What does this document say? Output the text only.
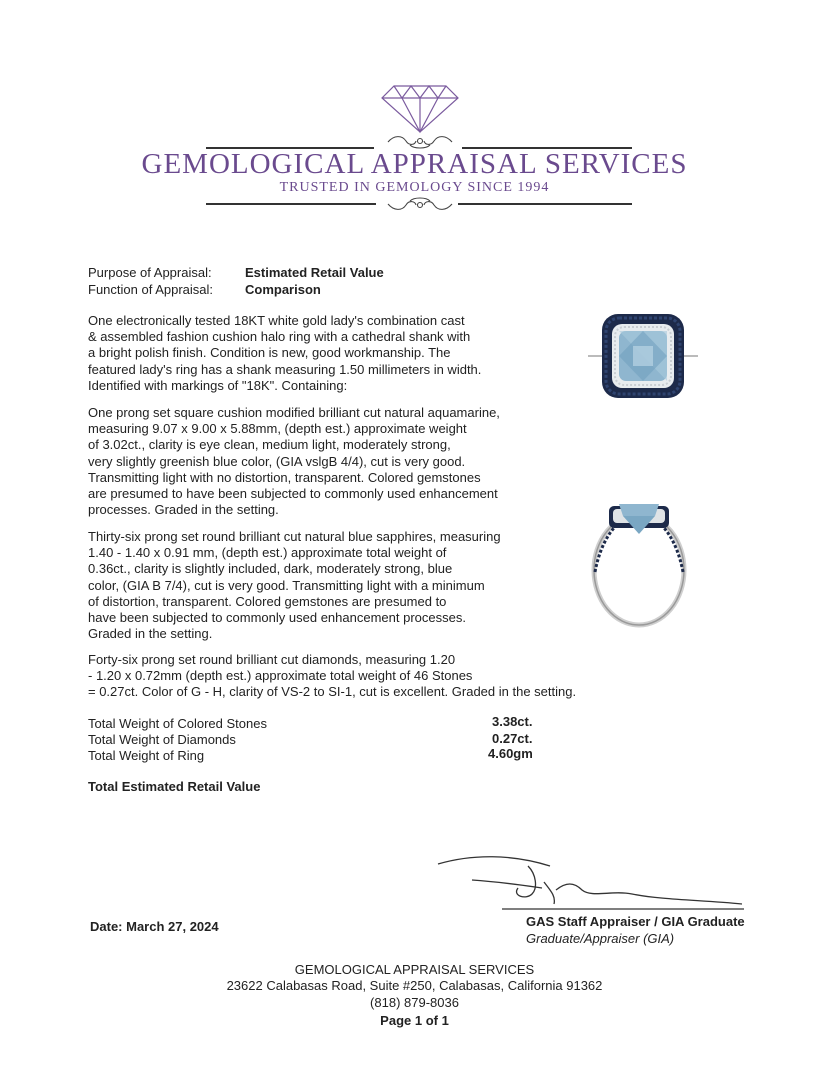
GEMOLOGICAL APPRAISAL SERVICES
TRUSTED IN GEMOLOGY SINCE 1994
Purpose of Appraisal:	Estimated Retail Value
Function of Appraisal: Comparison
One electronically tested 18KT white gold lady's combination cast
& assembled fashion cushion halo ring with a cathedral shank with
a bright polish finish. Condition is new, good workmanship. The
featured lady's ring has a shank measuring 1.50 millimeters in width.
Identified with markings of "18K". Containing:
One prong set square cushion modified brilliant cut natural aquamarine,
measuring 9.07 x 9.00 x 5.88mm, (depth est.) approximate weight
of 3.02ct., clarity is eye clean, medium light, moderately strong,
very slightly greenish blue color, (GIA vslgB 4/4), cut is very good.
Transmitting light with no distortion, transparent. Colored gemstones
are presumed to have been subjected to commonly used enhancement
processes. Graded in the setting.
Thirty-six prong set round brilliant cut natural blue sapphires, measuring
1.40 - 1.40 x 0.91 mm, (depth est.) approximate total weight of
0.36ct., clarity is slightly included, dark, moderately strong, blue
color, (GIA B 7/4), cut is very good. Transmitting light with a minimum
of distortion, transparent. Colored gemstones are presumed to
have been subjected to commonly used enhancement processes.
Graded in the setting.
Forty-six prong set round brilliant cut diamonds, measuring 1.20
- 1.20 x 0.72mm (depth est.) approximate total weight of 46 Stones
= 0.27ct. Color of G - H, clarity of VS-2 to SI-1, cut is excellent. Graded in the setting.
Total Weight of Colored Stones	3.38ct.
Total Weight of Diamonds	0.27ct.
Total Weight of Ring	4.60gm
Total Estimated Retail Value
Date: March 27, 2024	GAS Staff Appraiser / GIA Graduate
Graduate/Appraiser (GIA)
GEMOLOGICAL APPRAISAL SERVICES
23622 Calabasas Road, Suite #250, Calabasas, California 91362
(818) 879-8036
Page 1 of 1
